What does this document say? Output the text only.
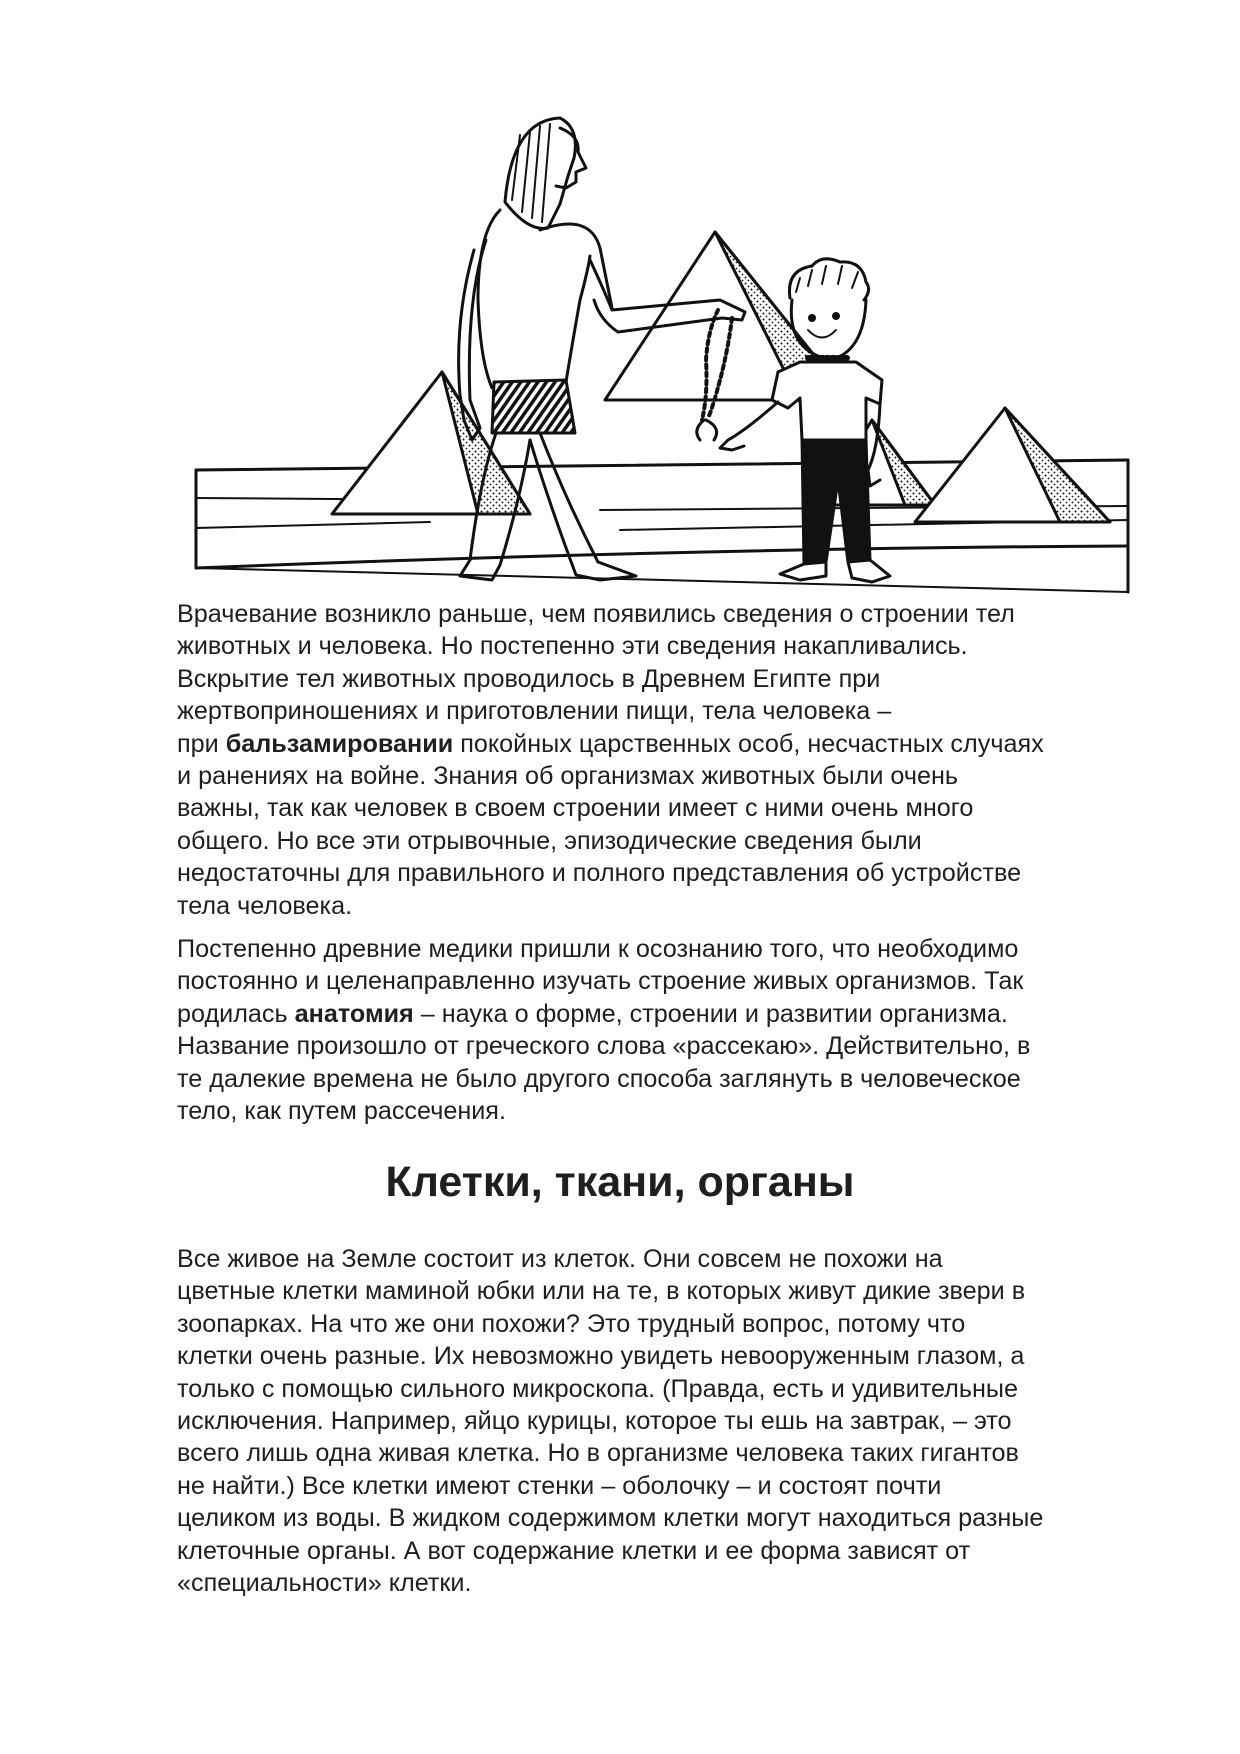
Врачевание возникло раньше, чем появились сведения о строении тел

животных и человека. Но постепенно эти сведения накапливались.

Вскрытие тел животных проводилось в Древнем Египте при

жертвоприношениях и приготовлении пищи, тела человека –

при бальзамировании покойных царственных особ, несчастных случаях

и ранениях на войне. Знания об организмах животных были очень

важны, так как человек в своем строении имеет с ними очень много

общего. Но все эти отрывочные, эпизодические сведения были

недостаточны для правильного и полного представления об устройстве

тела человека.

Постепенно древние медики пришли к осознанию того, что необходимо

постоянно и целенаправленно изучать строение живых организмов. Так

родилась анатомия – наука о форме, строении и развитии организма.

Название произошло от греческого слова «рассекаю». Действительно, в

те далекие времена не было другого способа заглянуть в человеческое

тело, как путем рассечения.

Клетки, ткани, органы

Все живое на Земле состоит из клеток. Они совсем не похожи на

цветные клетки маминой юбки или на те, в которых живут дикие звери в

зоопарках. На что же они похожи? Это трудный вопрос, потому что

клетки очень разные. Их невозможно увидеть невооруженным глазом, а

только с помощью сильного микроскопа. (Правда, есть и удивительные

исключения. Например, яйцо курицы, которое ты ешь на завтрак, – это

всего лишь одна живая клетка. Но в организме человека таких гигантов

не найти.) Все клетки имеют стенки – оболочку – и состоят почти

целиком из воды. В жидком содержимом клетки могут находиться разные

клеточные органы. А вот содержание клетки и ее форма зависят от

«специальности» клетки.
